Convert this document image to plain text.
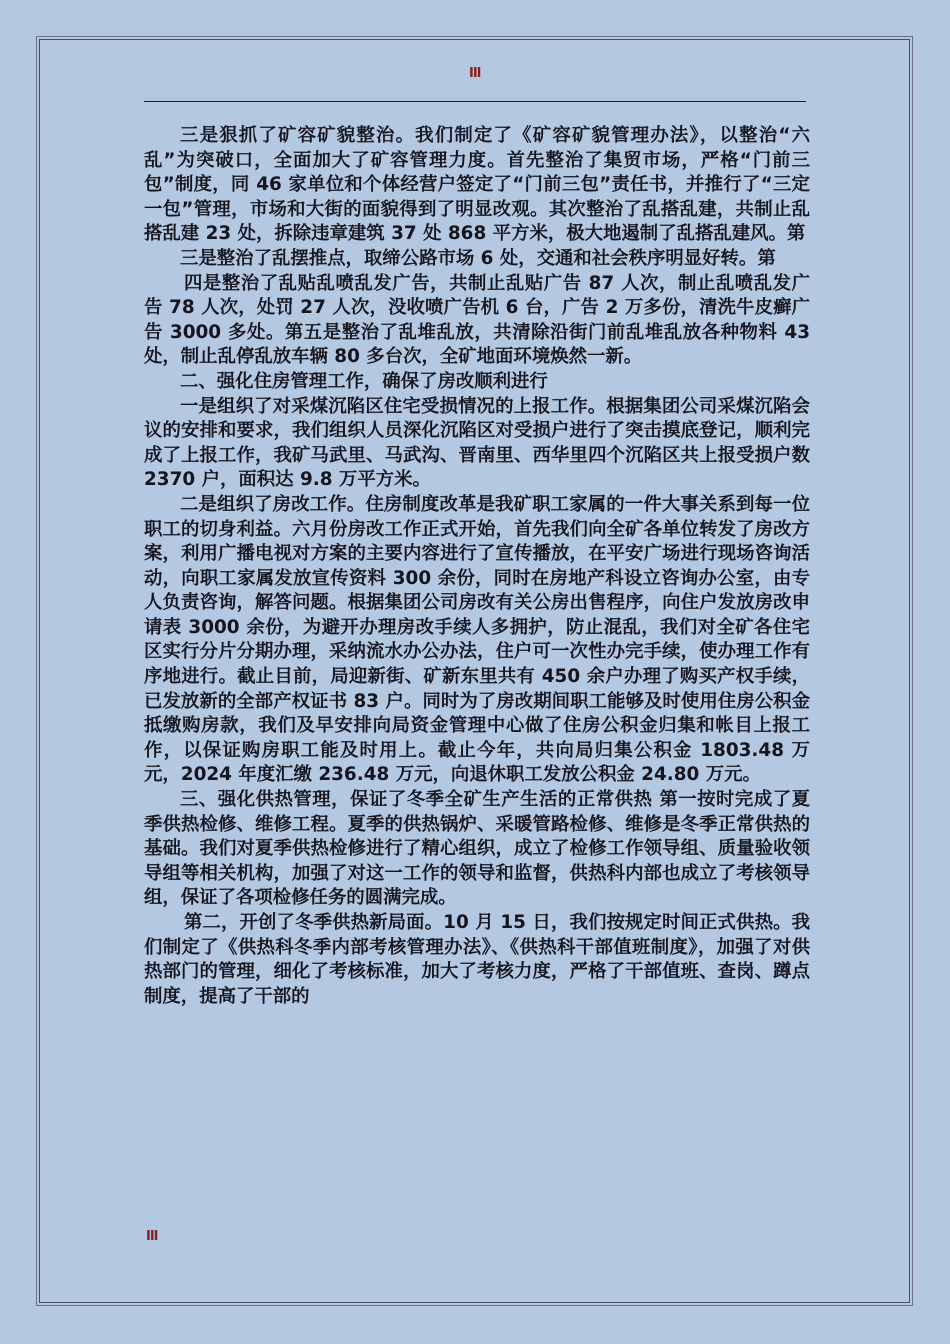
III

三是狠抓了矿容矿貌整治。我们制定了《矿容矿貌管理办法》，以整治“六乱”为突破口，全面加大了矿容管理力度。首先整治了集贸市场，严格“门前三包”制度，同 46 家单位和个体经营户签定了“门前三包”责任书，并推行了“三定一包”管理，市场和大街的面貌得到了明显改观。其次整治了乱搭乱建，共制止乱搭乱建 23 处，拆除违章建筑 37 处 868 平方米，极大地遏制了乱搭乱建风。第

三是整治了乱摆推点，取缔公路市场 6 处，交通和社会秩序明显好转。第

四是整治了乱贴乱喷乱发广告，共制止乱贴广告 87 人次，制止乱喷乱发广告 78 人次，处罚 27 人次，没收喷广告机 6 台，广告 2 万多份，清洗牛皮癣广告 3000 多处。第五是整治了乱堆乱放，共清除沿街门前乱堆乱放各种物料 43 处，制止乱停乱放车辆 80 多台次，全矿地面环境焕然一新。

二、强化住房管理工作，确保了房改顺利进行

一是组织了对采煤沉陷区住宅受损情况的上报工作。根据集团公司采煤沉陷会议的安排和要求，我们组织人员深化沉陷区对受损户进行了突击摸底登记，顺利完成了上报工作，我矿马武里、马武沟、晋南里、西华里四个沉陷区共上报受损户数 2370 户，面积达 9.8 万平方米。

二是组织了房改工作。住房制度改革是我矿职工家属的一件大事关系到每一位职工的切身利益。六月份房改工作正式开始，首先我们向全矿各单位转发了房改方案，利用广播电视对方案的主要内容进行了宣传播放，在平安广场进行现场咨询活动，向职工家属发放宣传资料 300 余份，同时在房地产科设立咨询办公室，由专人负责咨询，解答问题。根据集团公司房改有关公房出售程序，向住户发放房改申请表 3000 余份，为避开办理房改手续人多拥护，防止混乱，我们对全矿各住宅区实行分片分期办理，采纳流水办公办法，住户可一次性办完手续，使办理工作有序地进行。截止目前，局迎新街、矿新东里共有 450 余户办理了购买产权手续，已发放新的全部产权证书 83 户。同时为了房改期间职工能够及时使用住房公积金抵缴购房款，我们及早安排向局资金管理中心做了住房公积金归集和帐目上报工作，以保证购房职工能及时用上。截止今年，共向局归集公积金 1803.48 万元，2024 年度汇缴 236.48 万元，向退休职工发放公积金 24.80 万元。

三、强化供热管理，保证了冬季全矿生产生活的正常供热 第一按时完成了夏季供热检修、维修工程。夏季的供热锅炉、采暖管路检修、维修是冬季正常供热的基础。我们对夏季供热检修进行了精心组织，成立了检修工作领导组、质量验收领导组等相关机构，加强了对这一工作的领导和监督，供热科内部也成立了考核领导组，保证了各项检修任务的圆满完成。

第二，开创了冬季供热新局面。10 月 15 日，我们按规定时间正式供热。我们制定了《供热科冬季内部考核管理办法》、《供热科干部值班制度》，加强了对供热部门的管理，细化了考核标准，加大了考核力度，严格了干部值班、查岗、蹲点制度，提高了干部的

III
